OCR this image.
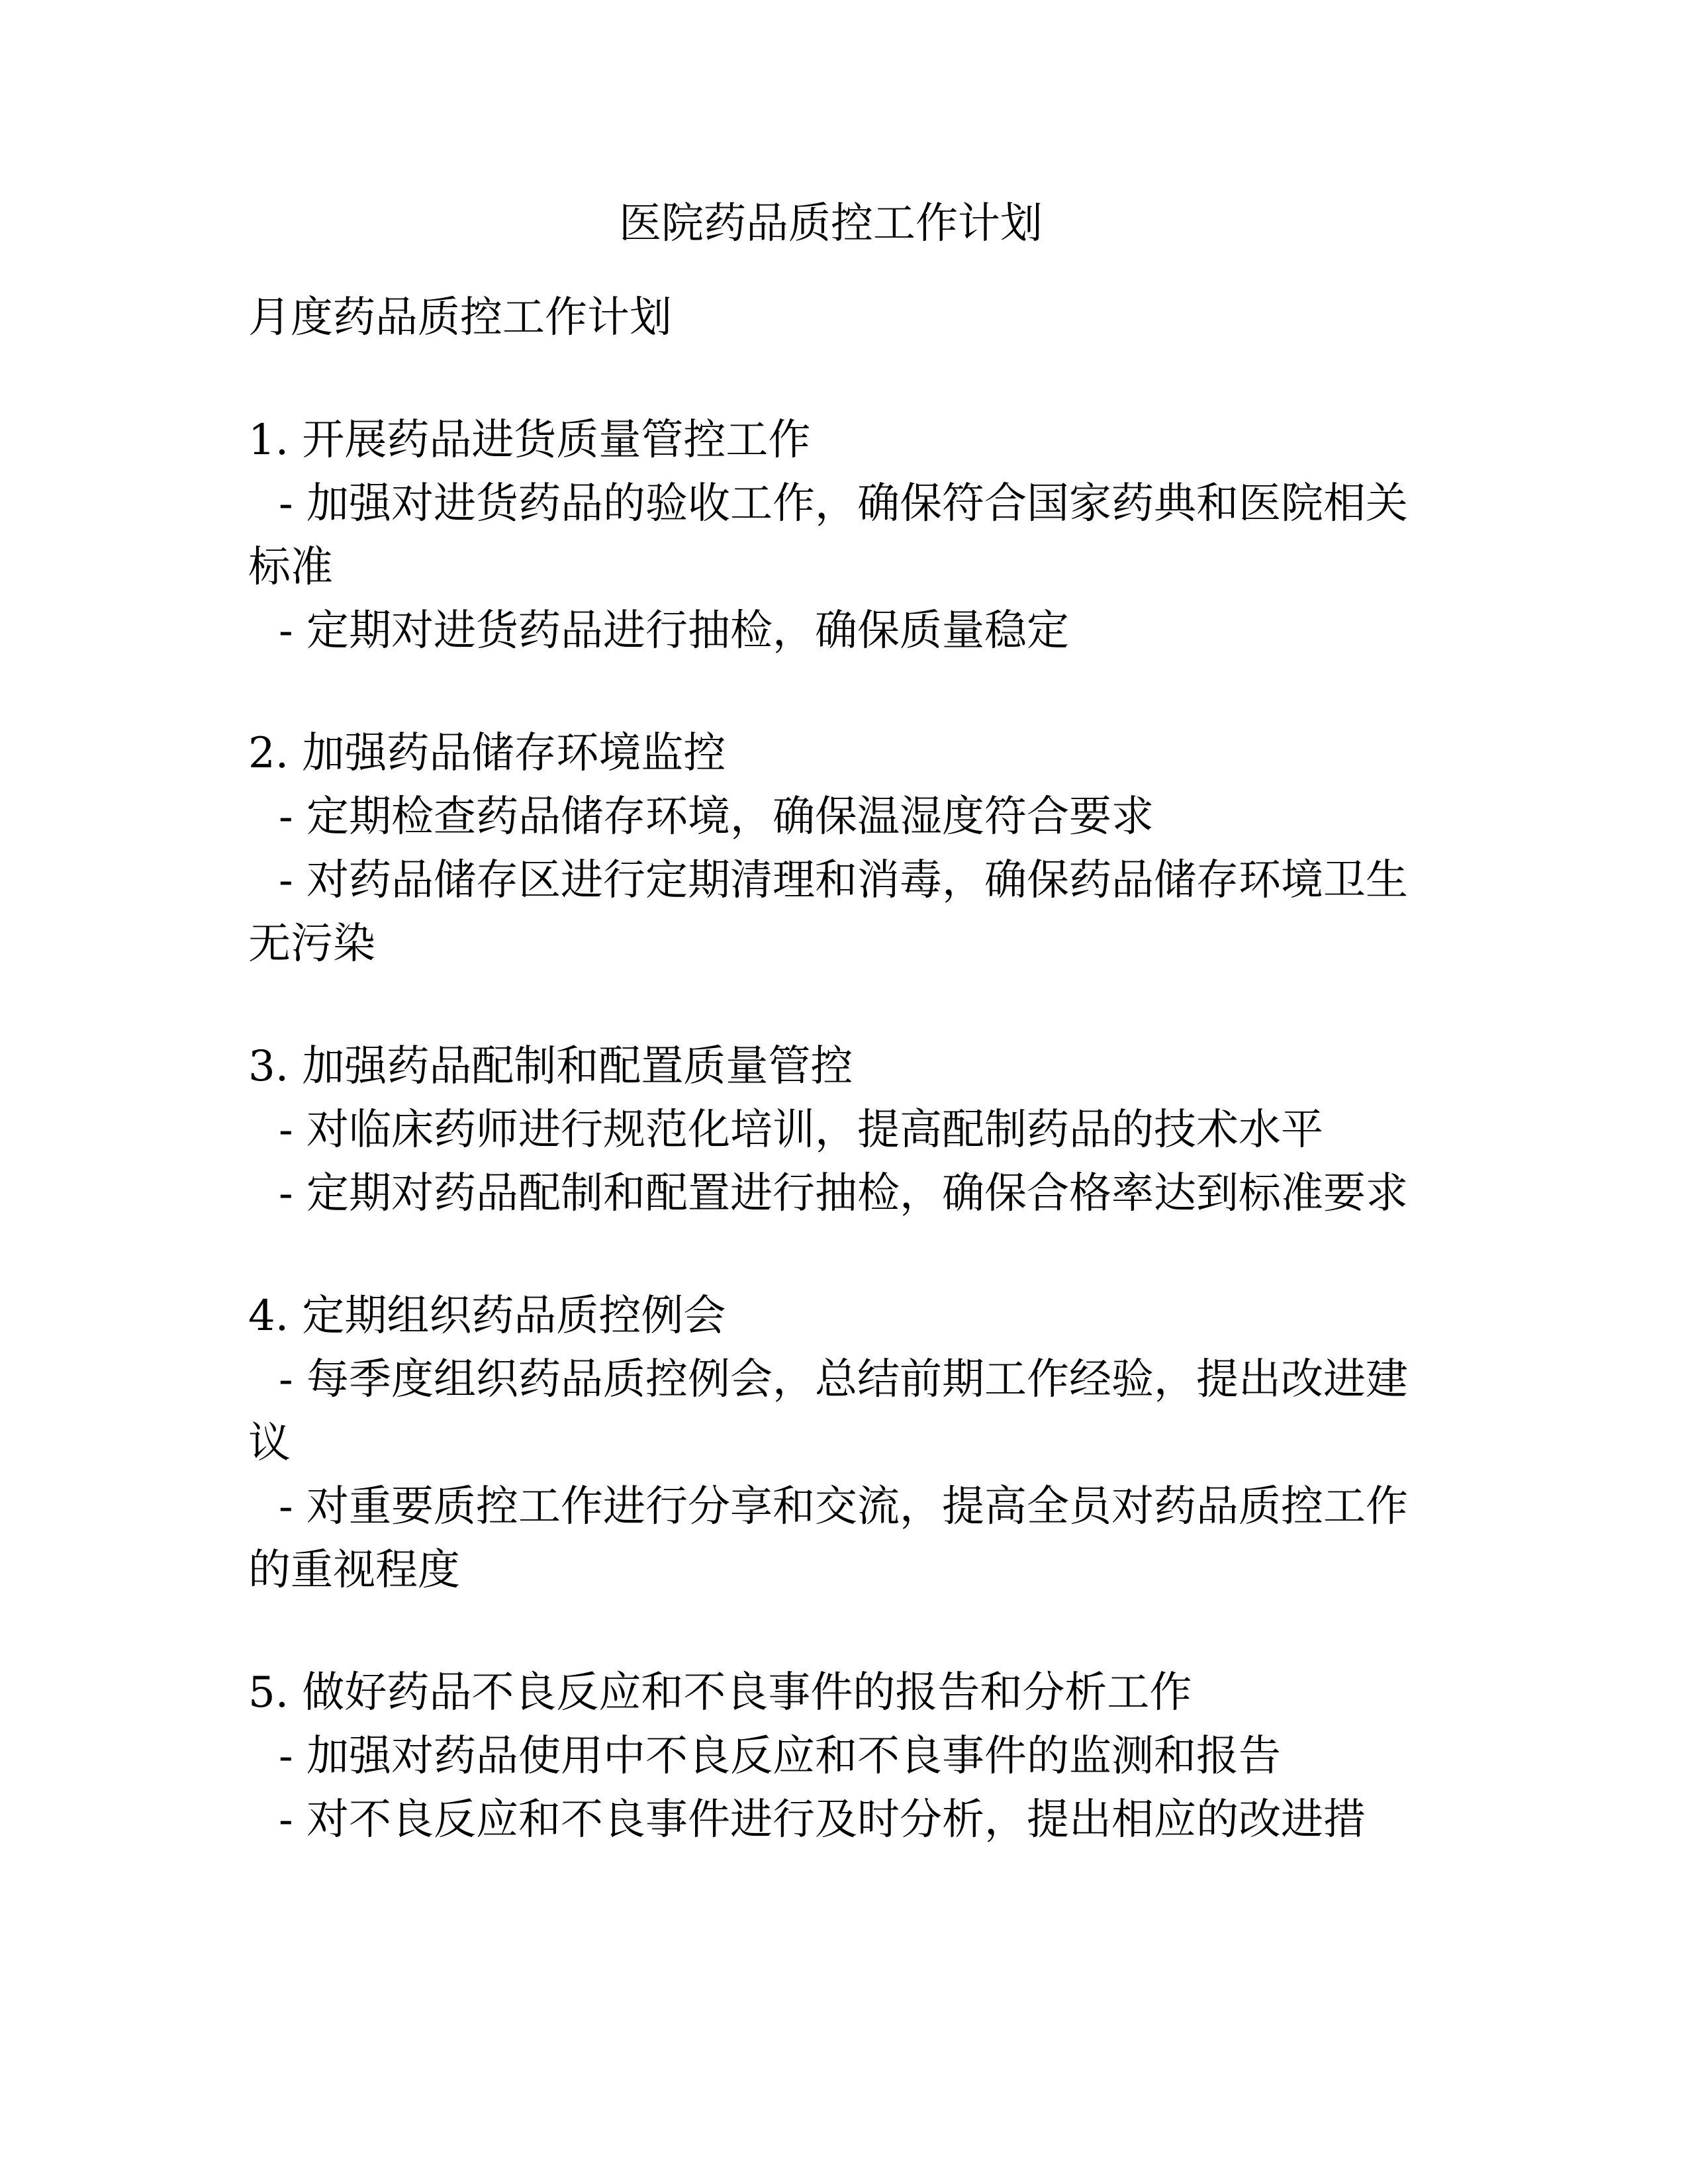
医院药品质控工作计划
月度药品质控工作计划
1. 开展药品进货质量管控工作

- 加强对进货药品的验收工作，确保符合国家药典和医院相关标准

- 定期对进货药品进行抽检，确保质量稳定

2. 加强药品储存环境监控

- 定期检查药品储存环境，确保温湿度符合要求

- 对药品储存区进行定期清理和消毒，确保药品储存环境卫生无污染

3. 加强药品配制和配置质量管控

- 对临床药师进行规范化培训，提高配制药品的技术水平

- 定期对药品配制和配置进行抽检，确保合格率达到标准要求

4. 定期组织药品质控例会

- 每季度组织药品质控例会，总结前期工作经验，提出改进建议

- 对重要质控工作进行分享和交流，提高全员对药品质控工作的重视程度

5. 做好药品不良反应和不良事件的报告和分析工作

- 加强对药品使用中不良反应和不良事件的监测和报告

- 对不良反应和不良事件进行及时分析，提出相应的改进措
